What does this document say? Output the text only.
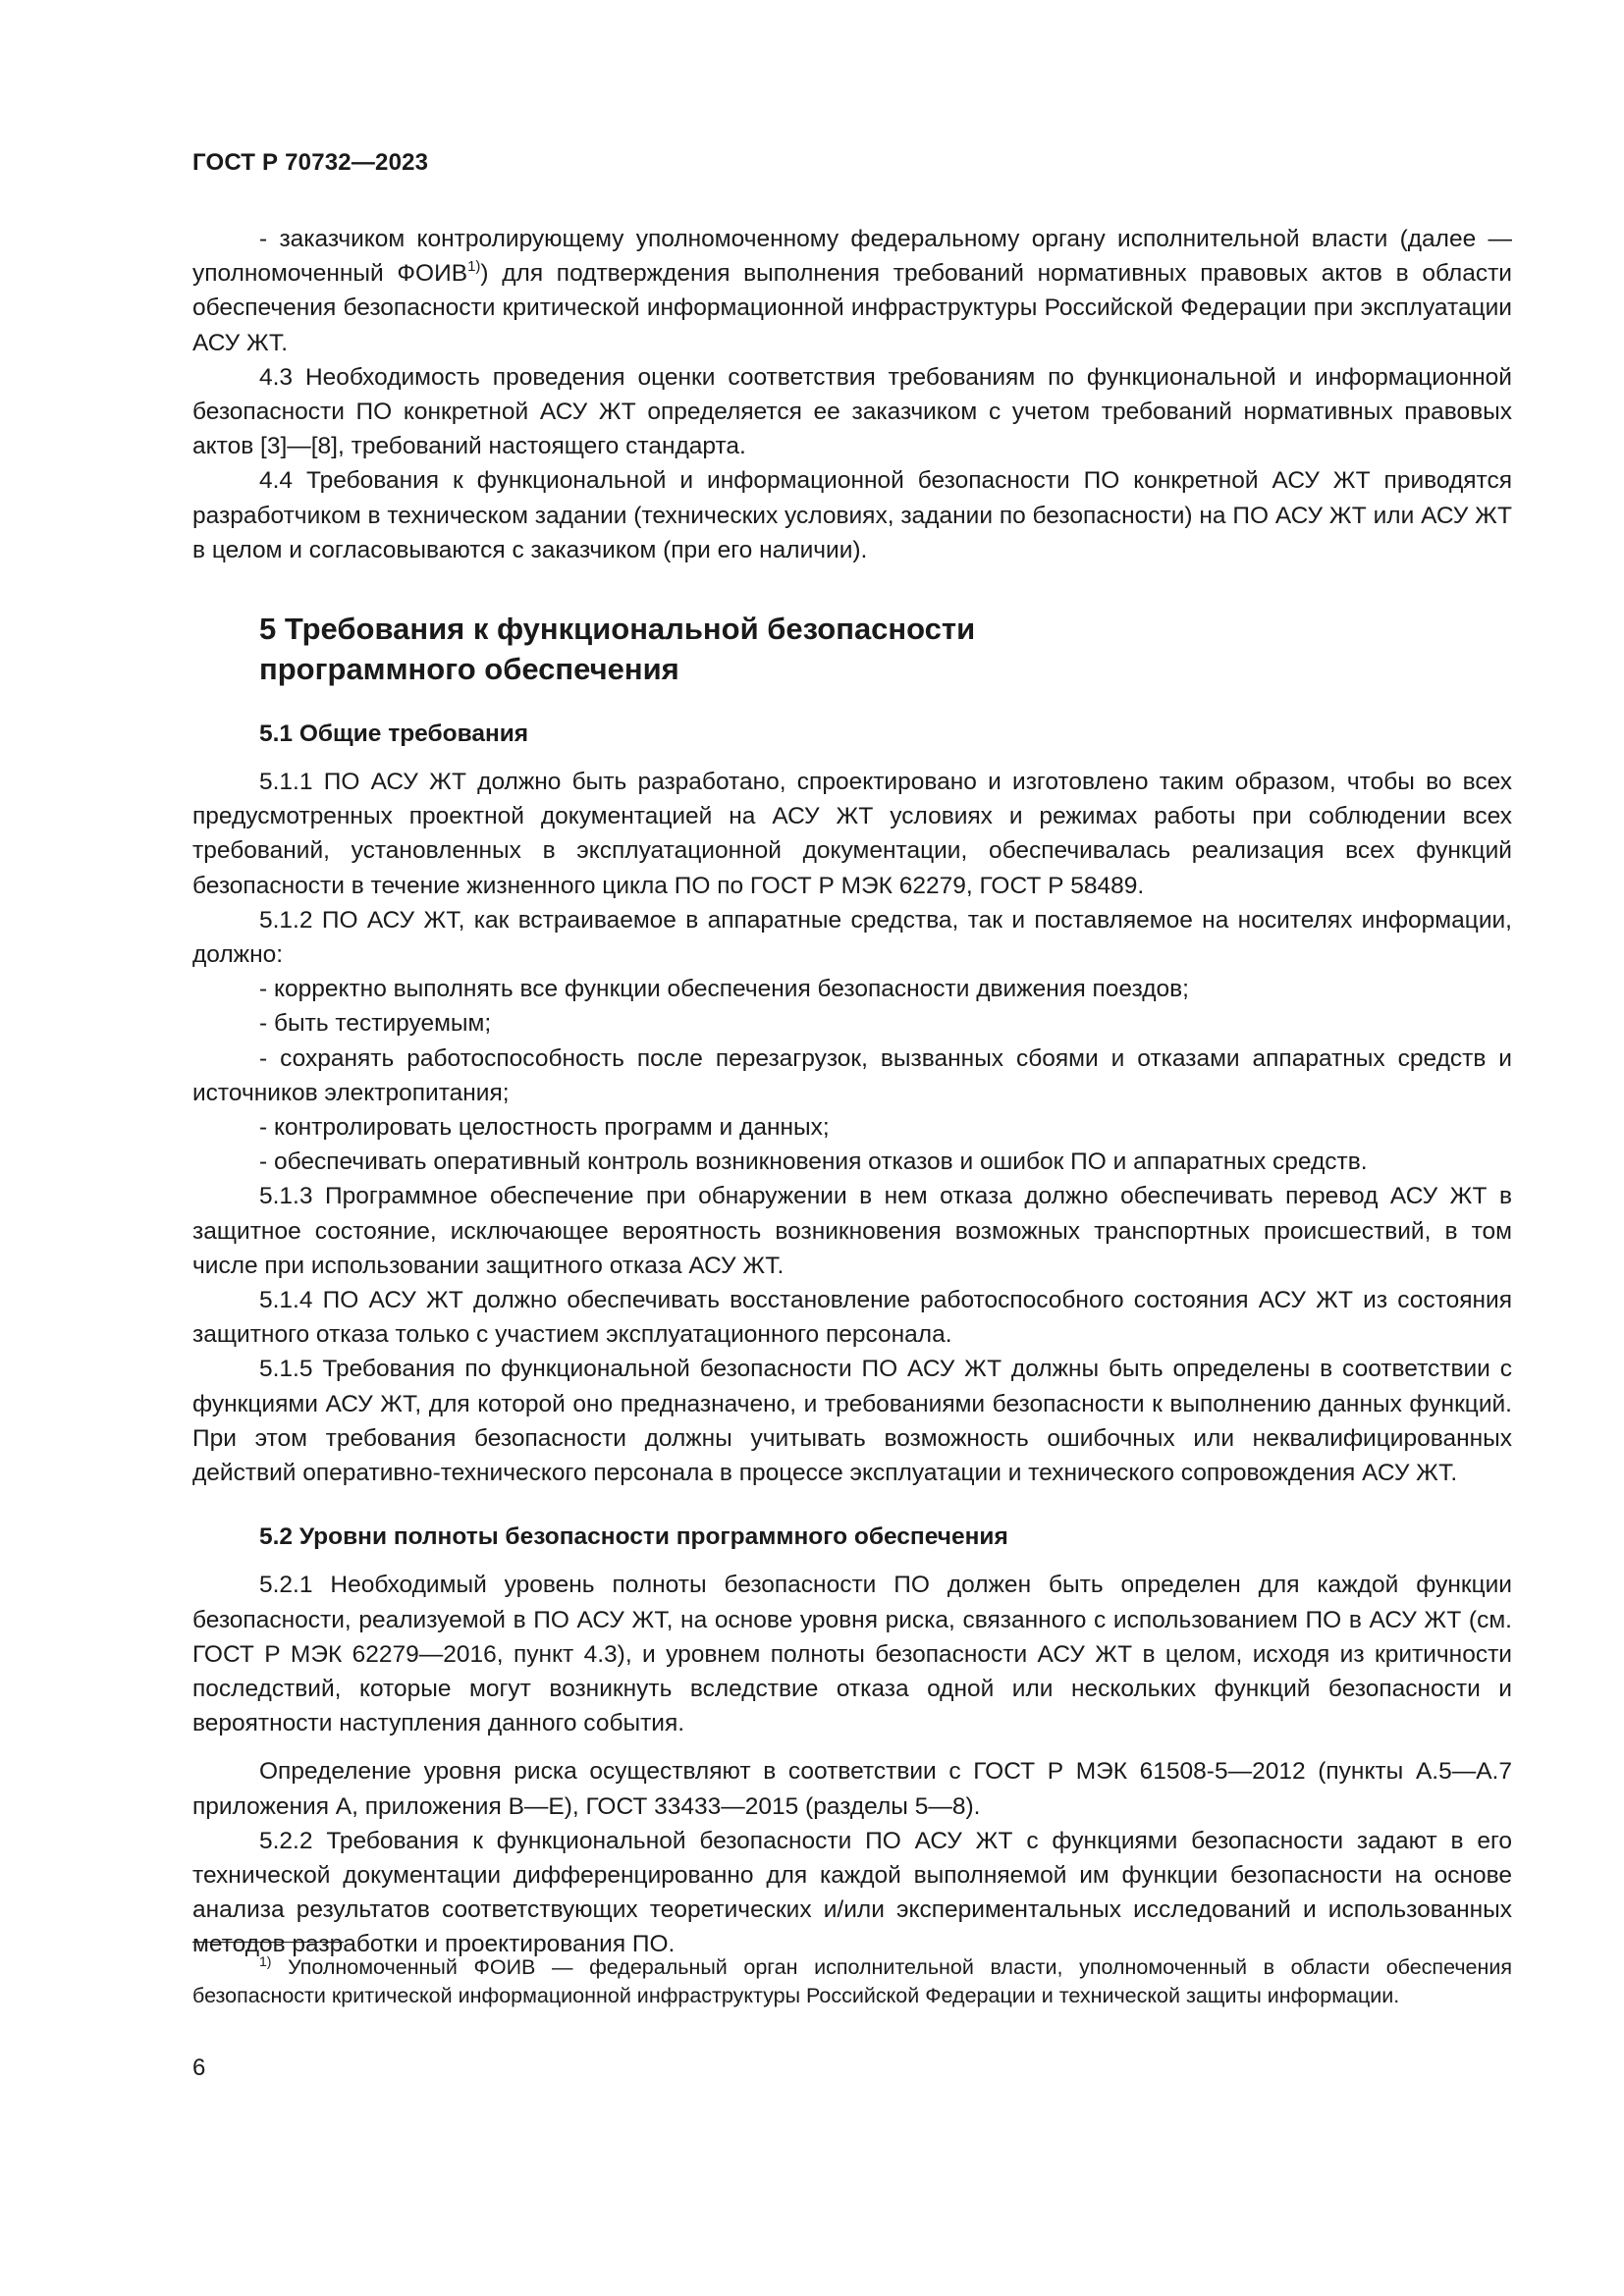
ГОСТ Р 70732—2023

- заказчиком контролирующему уполномоченному федеральному органу исполнительной власти (далее — уполномоченный ФОИВ$^{1)}$) для подтверждения выполнения требований нормативных правовых актов в области обеспечения безопасности критической информационной инфраструктуры Российской Федерации при эксплуатации АСУ ЖТ.

4.3 Необходимость проведения оценки соответствия требованиям по функциональной и информационной безопасности ПО конкретной АСУ ЖТ определяется ее заказчиком с учетом требований нормативных правовых актов [3]—[8], требований настоящего стандарта.

4.4 Требования к функциональной и информационной безопасности ПО конкретной АСУ ЖТ приводятся разработчиком в техническом задании (технических условиях, задании по безопасности) на ПО АСУ ЖТ или АСУ ЖТ в целом и согласовываются с заказчиком (при его наличии).

5 Требования к функциональной безопасности
программного обеспечения
5.1 Общие требования

5.1.1 ПО АСУ ЖТ должно быть разработано, спроектировано и изготовлено таким образом, чтобы во всех предусмотренных проектной документацией на АСУ ЖТ условиях и режимах работы при соблюдении всех требований, установленных в эксплуатационной документации, обеспечивалась реализация всех функций безопасности в течение жизненного цикла ПО по ГОСТ Р МЭК 62279, ГОСТ Р 58489.

5.1.2 ПО АСУ ЖТ, как встраиваемое в аппаратные средства, так и поставляемое на носителях информации, должно:

- корректно выполнять все функции обеспечения безопасности движения поездов;

- быть тестируемым;

- сохранять работоспособность после перезагрузок, вызванных сбоями и отказами аппаратных средств и источников электропитания;

- контролировать целостность программ и данных;

- обеспечивать оперативный контроль возникновения отказов и ошибок ПО и аппаратных средств.

5.1.3 Программное обеспечение при обнаружении в нем отказа должно обеспечивать перевод АСУ ЖТ в защитное состояние, исключающее вероятность возникновения возможных транспортных происшествий, в том числе при использовании защитного отказа АСУ ЖТ.

5.1.4 ПО АСУ ЖТ должно обеспечивать восстановление работоспособного состояния АСУ ЖТ из состояния защитного отказа только с участием эксплуатационного персонала.

5.1.5 Требования по функциональной безопасности ПО АСУ ЖТ должны быть определены в соответствии с функциями АСУ ЖТ, для которой оно предназначено, и требованиями безопасности к выполнению данных функций. При этом требования безопасности должны учитывать возможность ошибочных или неквалифицированных действий оперативно-технического персонала в процессе эксплуатации и технического сопровождения АСУ ЖТ.

5.2 Уровни полноты безопасности программного обеспечения

5.2.1 Необходимый уровень полноты безопасности ПО должен быть определен для каждой функции безопасности, реализуемой в ПО АСУ ЖТ, на основе уровня риска, связанного с использованием ПО в АСУ ЖТ (см. ГОСТ Р МЭК 62279—2016, пункт 4.3), и уровнем полноты безопасности АСУ ЖТ в целом, исходя из критичности последствий, которые могут возникнуть вследствие отказа одной или нескольких функций безопасности и вероятности наступления данного события.

Определение уровня риска осуществляют в соответствии с ГОСТ Р МЭК 61508-5—2012 (пункты А.5—А.7 приложения А, приложения В—Е), ГОСТ 33433—2015 (разделы 5—8).

5.2.2 Требования к функциональной безопасности ПО АСУ ЖТ с функциями безопасности задают в его технической документации дифференцированно для каждой выполняемой им функции безопасности на основе анализа результатов соответствующих теоретических и/или экспериментальных исследований и использованных методов разработки и проектирования ПО.

$^{1)}$ Уполномоченный ФОИВ — федеральный орган исполнительной власти, уполномоченный в области обеспечения безопасности критической информационной инфраструктуры Российской Федерации и технической защиты информации.

6
